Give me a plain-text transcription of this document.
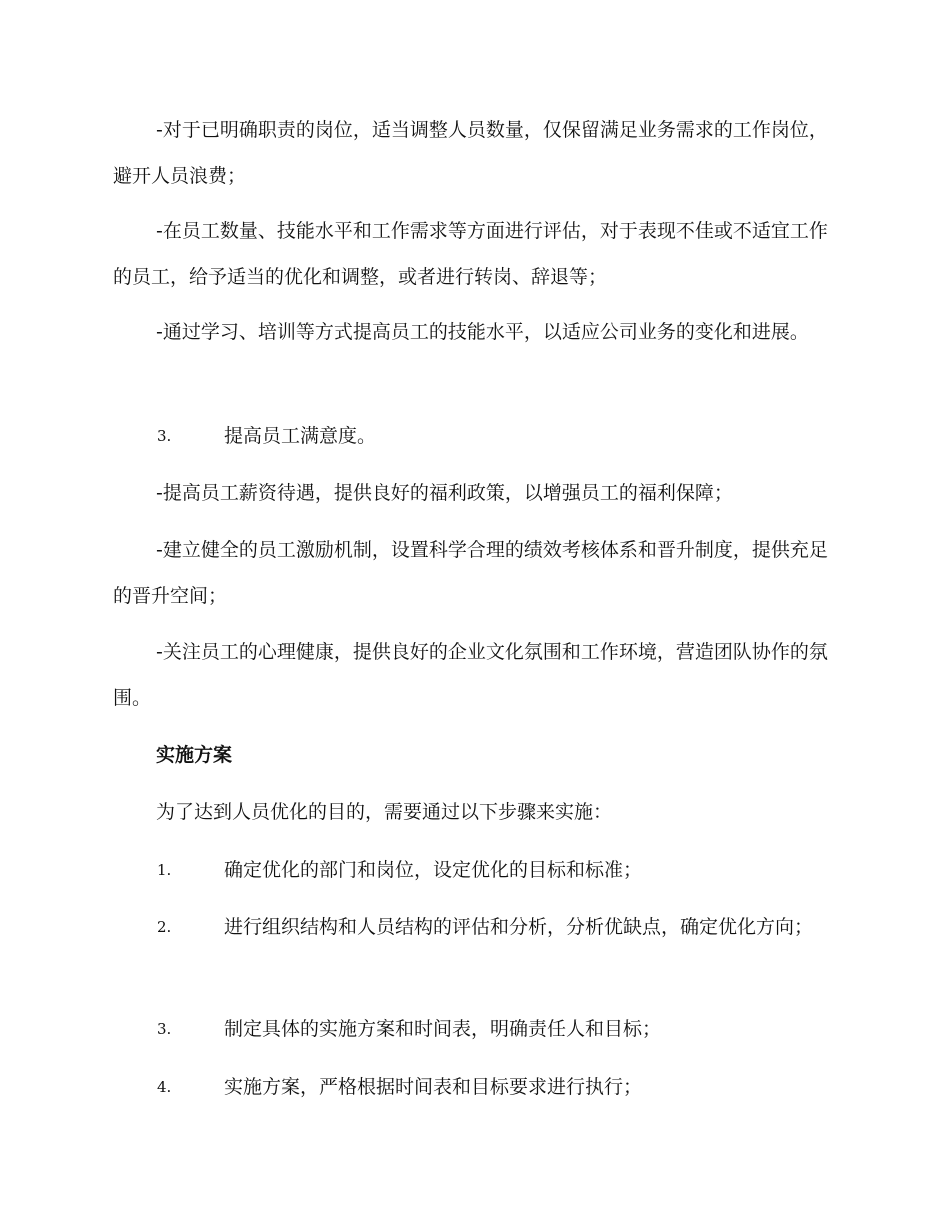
-对于已明确职责的岗位，适当调整人员数量，仅保留满足业务需求的工作岗位，避开人员浪费；

-在员工数量、技能水平和工作需求等方面进行评估，对于表现不佳或不适宜工作的员工，给予适当的优化和调整，或者进行转岗、辞退等；

-通过学习、培训等方式提高员工的技能水平，以适应公司业务的变化和进展。

3.	提高员工满意度。

-提高员工薪资待遇，提供良好的福利政策，以增强员工的福利保障；

-建立健全的员工激励机制，设置科学合理的绩效考核体系和晋升制度，提供充足的晋升空间；

-关注员工的心理健康，提供良好的企业文化氛围和工作环境，营造团队协作的氛围。

实施方案

为了达到人员优化的目的，需要通过以下步骤来实施：

1.	确定优化的部门和岗位，设定优化的目标和标准；
2.	进行组织结构和人员结构的评估和分析，分析优缺点，确定优化方向；
3.	制定具体的实施方案和时间表，明确责任人和目标；
4.	实施方案，严格根据时间表和目标要求进行执行；
